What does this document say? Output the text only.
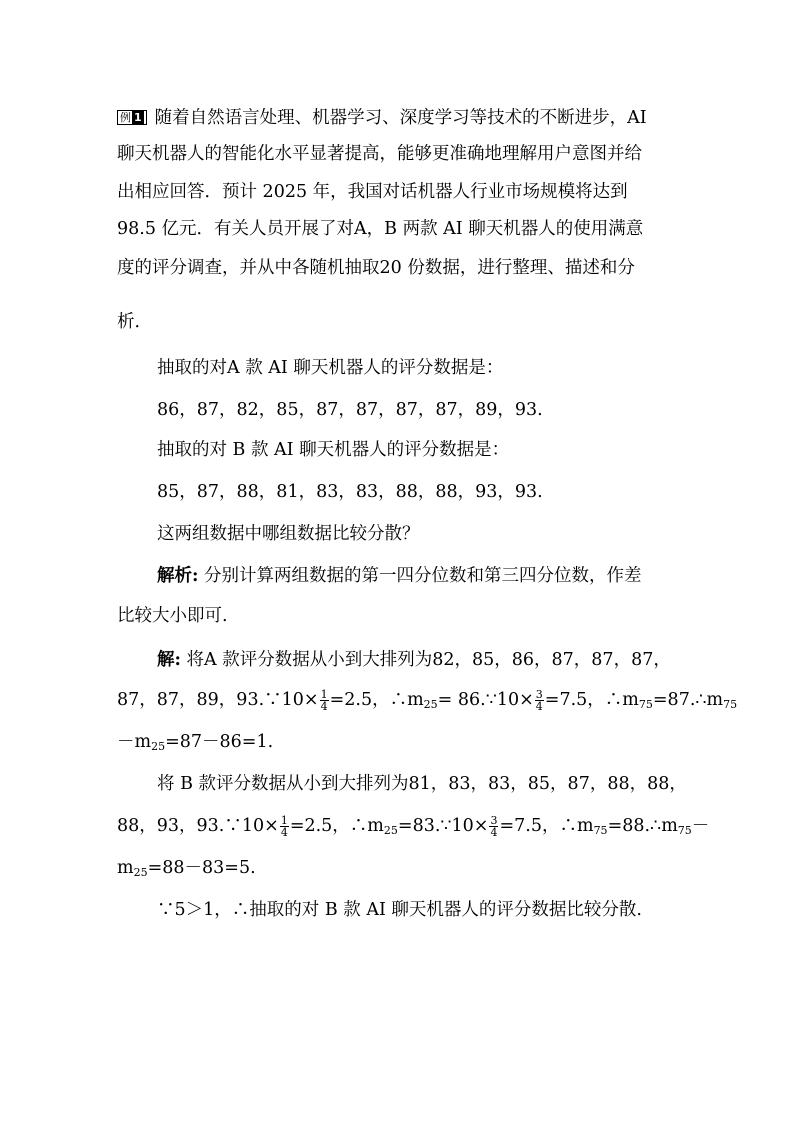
例 1 随着自然语言处理、机器学习、深度学习等技术的不断进步，AI
聊天机器人的智能化水平显著提高，能够更准确地理解用户意图并给
出相应回答．预计 2025 年，我国对话机器人行业市场规模将达到
98.5 亿元．有关人员开展了对A，B 两款 AI 聊天机器人的使用满意
度的评分调查，并从中各随机抽取20 份数据，进行整理、描述和分
析．
抽取的对A 款 AI 聊天机器人的评分数据是：
86，87，82，85，87，87，87，87，89，93.
抽取的对 B 款 AI 聊天机器人的评分数据是：
85，87，88，81，83，83，88，88，93，93.
这两组数据中哪组数据比较分散？
解析: 分别计算两组数据的第一四分位数和第三四分位数，作差
比较大小即可.
解: 将A 款评分数据从小到大排列为82，85，86，87，87，87，
87，87，89，93.∵10× $\frac{1}{4} =2.5$，$\therefore m_{25}=$ 86.∵10× $\frac{3}{4} =7.5$，$\therefore m_{75}=87.\therefore m_{75}$
$-m_{25}=87-86=1$.
将 B 款评分数据从小到大排列为81，83，83，85，87，88，88，
88，93，93.∵10× $\frac{1}{4} =2.5$，$\therefore m_{25}=83.\because 10\times \frac{3}{4} =7.5$，$\therefore m_{75}=88.\therefore m_{75}-$
$m_{25}=88-83=5$.
∵5＞1，∴抽取的对 B 款 AI 聊天机器人的评分数据比较分散.
